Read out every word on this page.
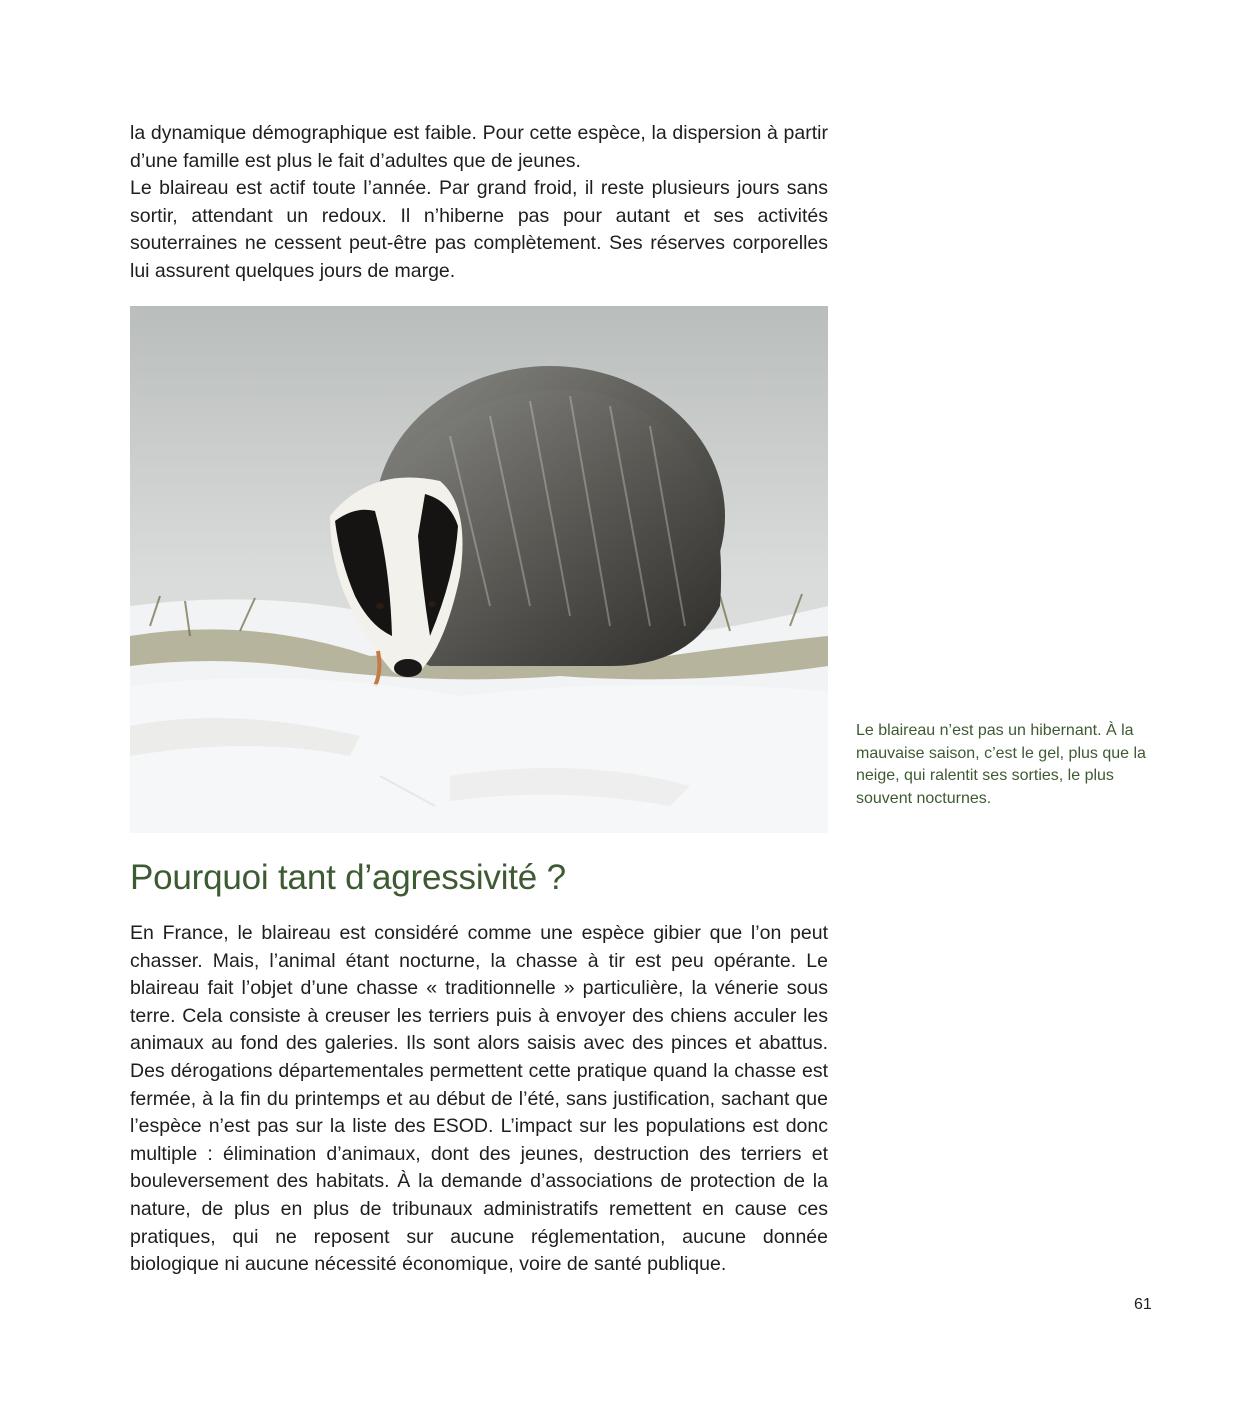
la dynamique démographique est faible. Pour cette espèce, la dispersion à partir d’une famille est plus le fait d’adultes que de jeunes.
Le blaireau est actif toute l’année. Par grand froid, il reste plusieurs jours sans sortir, attendant un redoux. Il n’hiberne pas pour autant et ses activités souterraines ne cessent peut-être pas complètement. Ses réserves corporelles lui assurent quelques jours de marge.

Le blaireau n’est pas un hibernant. À la mauvaise saison, c’est le gel, plus que la neige, qui ralentit ses sorties, le plus souvent nocturnes.

Pourquoi tant d’agressivité ?

En France, le blaireau est considéré comme une espèce gibier que l’on peut chasser. Mais, l’animal étant nocturne, la chasse à tir est peu opérante. Le blaireau fait l’objet d’une chasse « traditionnelle » particulière, la vénerie sous terre. Cela consiste à creuser les terriers puis à envoyer des chiens acculer les animaux au fond des galeries. Ils sont alors saisis avec des pinces et abattus. Des dérogations départementales permettent cette pratique quand la chasse est fermée, à la fin du printemps et au début de l’été, sans justification, sachant que l’espèce n’est pas sur la liste des ESOD. L’impact sur les populations est donc multiple : élimination d’animaux, dont des jeunes, destruction des terriers et bouleversement des habitats. À la demande d’associations de protection de la nature, de plus en plus de tribunaux administratifs remettent en cause ces pratiques, qui ne reposent sur aucune réglementation, aucune donnée biologique ni aucune nécessité économique, voire de santé publique.

61
